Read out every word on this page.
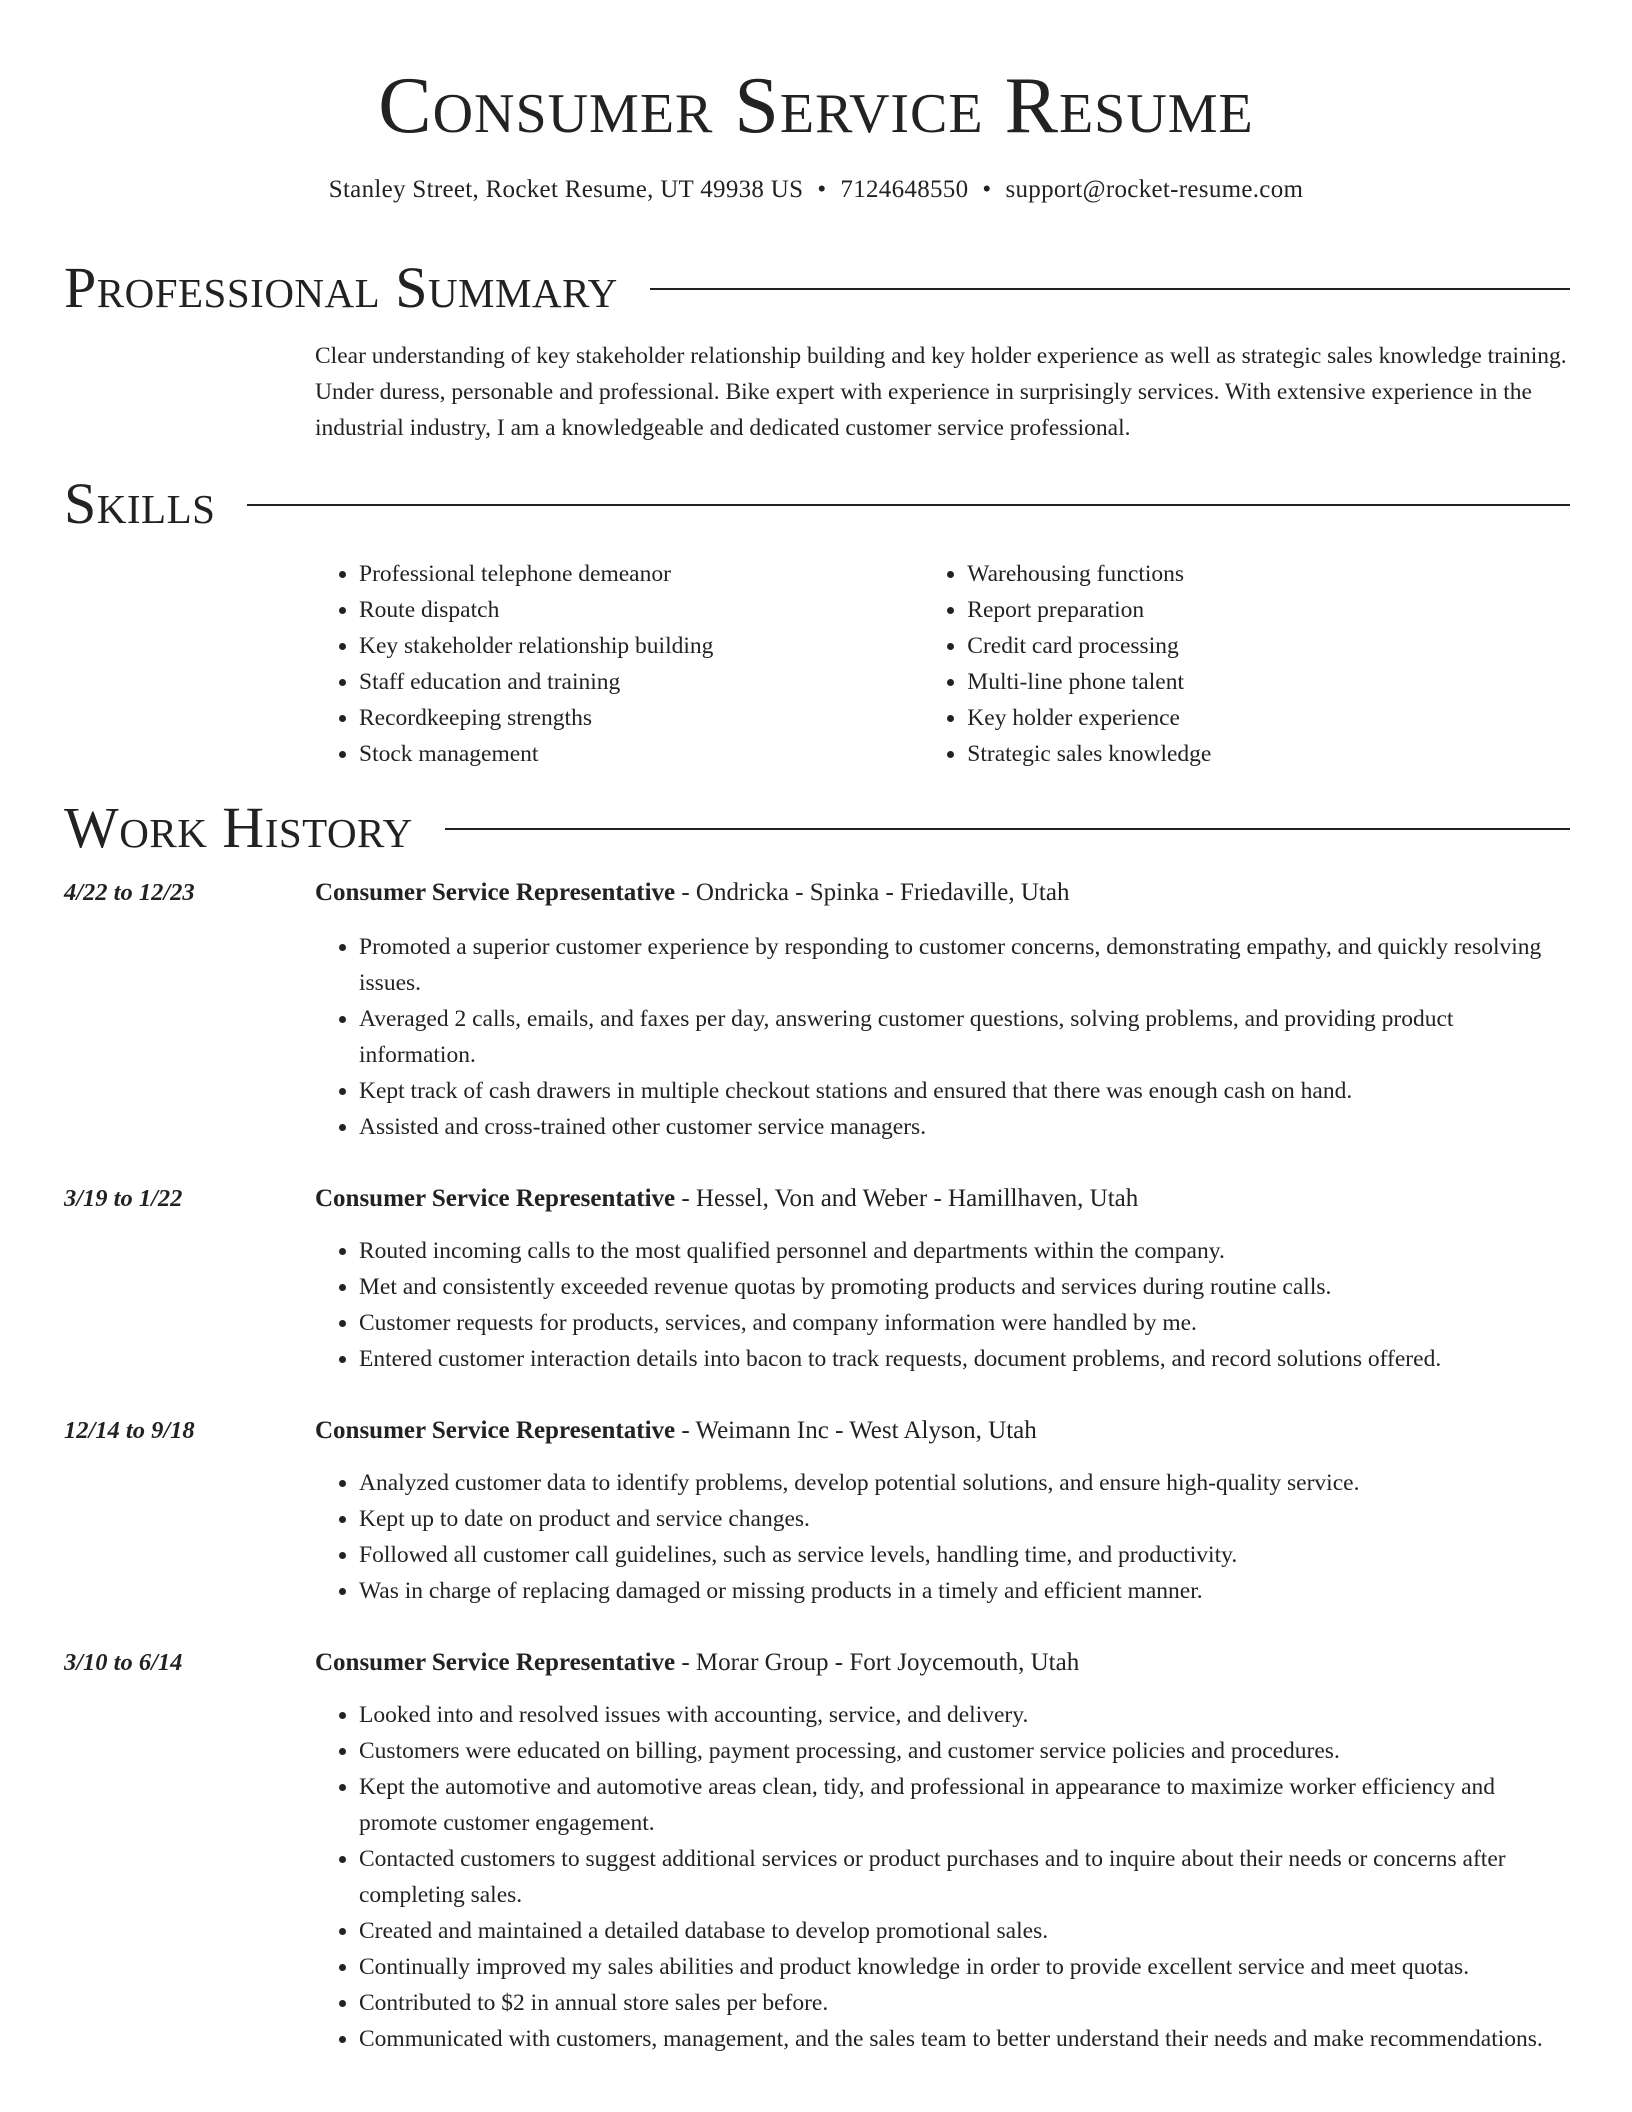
Consumer Service Resume
Stanley Street, Rocket Resume, UT 49938 US • 7124648550 • support@rocket-resume.com
Professional Summary

Clear understanding of key stakeholder relationship building and key holder experience as well as strategic sales knowledge training. Under duress, personable and professional. Bike expert with experience in surprisingly services. With extensive experience in the industrial industry, I am a knowledgeable and dedicated customer service professional.

Skills
• Professional telephone demeanor
• Route dispatch
• Key stakeholder relationship building
• Staff education and training
• Recordkeeping strengths
• Stock management
• Warehousing functions
• Report preparation
• Credit card processing
• Multi-line phone talent
• Key holder experience
• Strategic sales knowledge
Work History
4/22 to 12/23	Consumer Service Representative - Ondricka - Spinka - Friedaville, Utah
• Promoted a superior customer experience by responding to customer concerns, demonstrating empathy, and quickly resolving issues.
• Averaged 2 calls, emails, and faxes per day, answering customer questions, solving problems, and providing product information.
• Kept track of cash drawers in multiple checkout stations and ensured that there was enough cash on hand.
• Assisted and cross-trained other customer service managers.
3/19 to 1/22	Consumer Service Representative - Hessel, Von and Weber - Hamillhaven, Utah
• Routed incoming calls to the most qualified personnel and departments within the company.
• Met and consistently exceeded revenue quotas by promoting products and services during routine calls.
• Customer requests for products, services, and company information were handled by me.
• Entered customer interaction details into bacon to track requests, document problems, and record solutions offered.
12/14 to 9/18	Consumer Service Representative - Weimann Inc - West Alyson, Utah
• Analyzed customer data to identify problems, develop potential solutions, and ensure high-quality service.
• Kept up to date on product and service changes.
• Followed all customer call guidelines, such as service levels, handling time, and productivity.
• Was in charge of replacing damaged or missing products in a timely and efficient manner.
3/10 to 6/14	Consumer Service Representative - Morar Group - Fort Joycemouth, Utah
• Looked into and resolved issues with accounting, service, and delivery.
• Customers were educated on billing, payment processing, and customer service policies and procedures.
• Kept the automotive and automotive areas clean, tidy, and professional in appearance to maximize worker efficiency and promote customer engagement.
• Contacted customers to suggest additional services or product purchases and to inquire about their needs or concerns after completing sales.
• Created and maintained a detailed database to develop promotional sales.
• Continually improved my sales abilities and product knowledge in order to provide excellent service and meet quotas.
• Contributed to $2 in annual store sales per before.
• Communicated with customers, management, and the sales team to better understand their needs and make recommendations.
